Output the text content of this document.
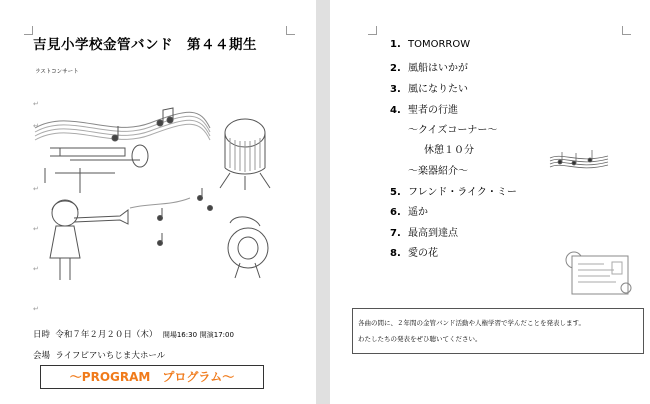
吉見小学校金管バンド　第４４期生
ラストコンサート
↵
↵
↵
↵
↵
↵
日時 令和７年２月２０日（木） 開場16:30 開演17:00
会場 ライフピアいちじま大ホール
〜PROGRAM　プログラム〜
1. TOMORROW
2. 風船はいかが
3. 風になりたい
4. 聖者の行進
〜クイズコーナー〜
休憩１０分
〜楽器紹介〜
5. フレンド・ライク・ミー
6. 遥か
7. 最高到達点
8. 愛の花
各曲の間に、２年間の金管バンド活動や人権学習で学んだことを発表します。
わたしたちの発表をぜひ聴いてください。
